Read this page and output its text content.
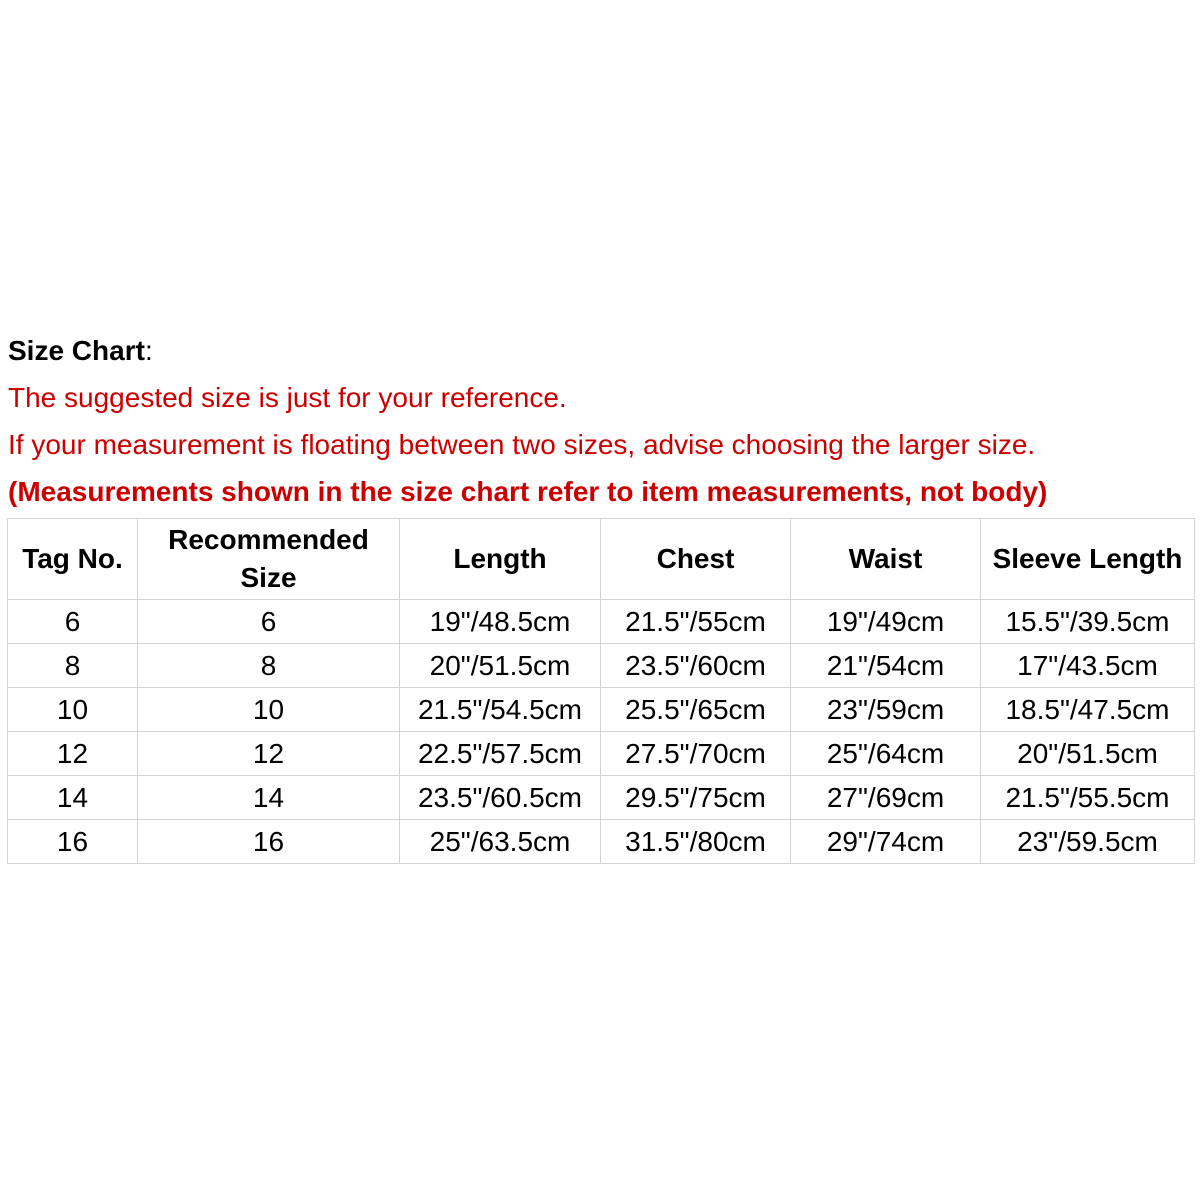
Size Chart:
The suggested size is just for your reference.
If your measurement is floating between two sizes, advise choosing the larger size.
(Measurements shown in the size chart refer to item measurements, not body)
Tag No.	Recommended Size	Length	Chest	Waist	Sleeve Length
6	6	19"/48.5cm	21.5"/55cm	19"/49cm	15.5"/39.5cm
8	8	20"/51.5cm	23.5"/60cm	21"/54cm	17"/43.5cm
10	10	21.5"/54.5cm	25.5"/65cm	23"/59cm	18.5"/47.5cm
12	12	22.5"/57.5cm	27.5"/70cm	25"/64cm	20"/51.5cm
14	14	23.5"/60.5cm	29.5"/75cm	27"/69cm	21.5"/55.5cm
16	16	25"/63.5cm	31.5"/80cm	29"/74cm	23"/59.5cm
